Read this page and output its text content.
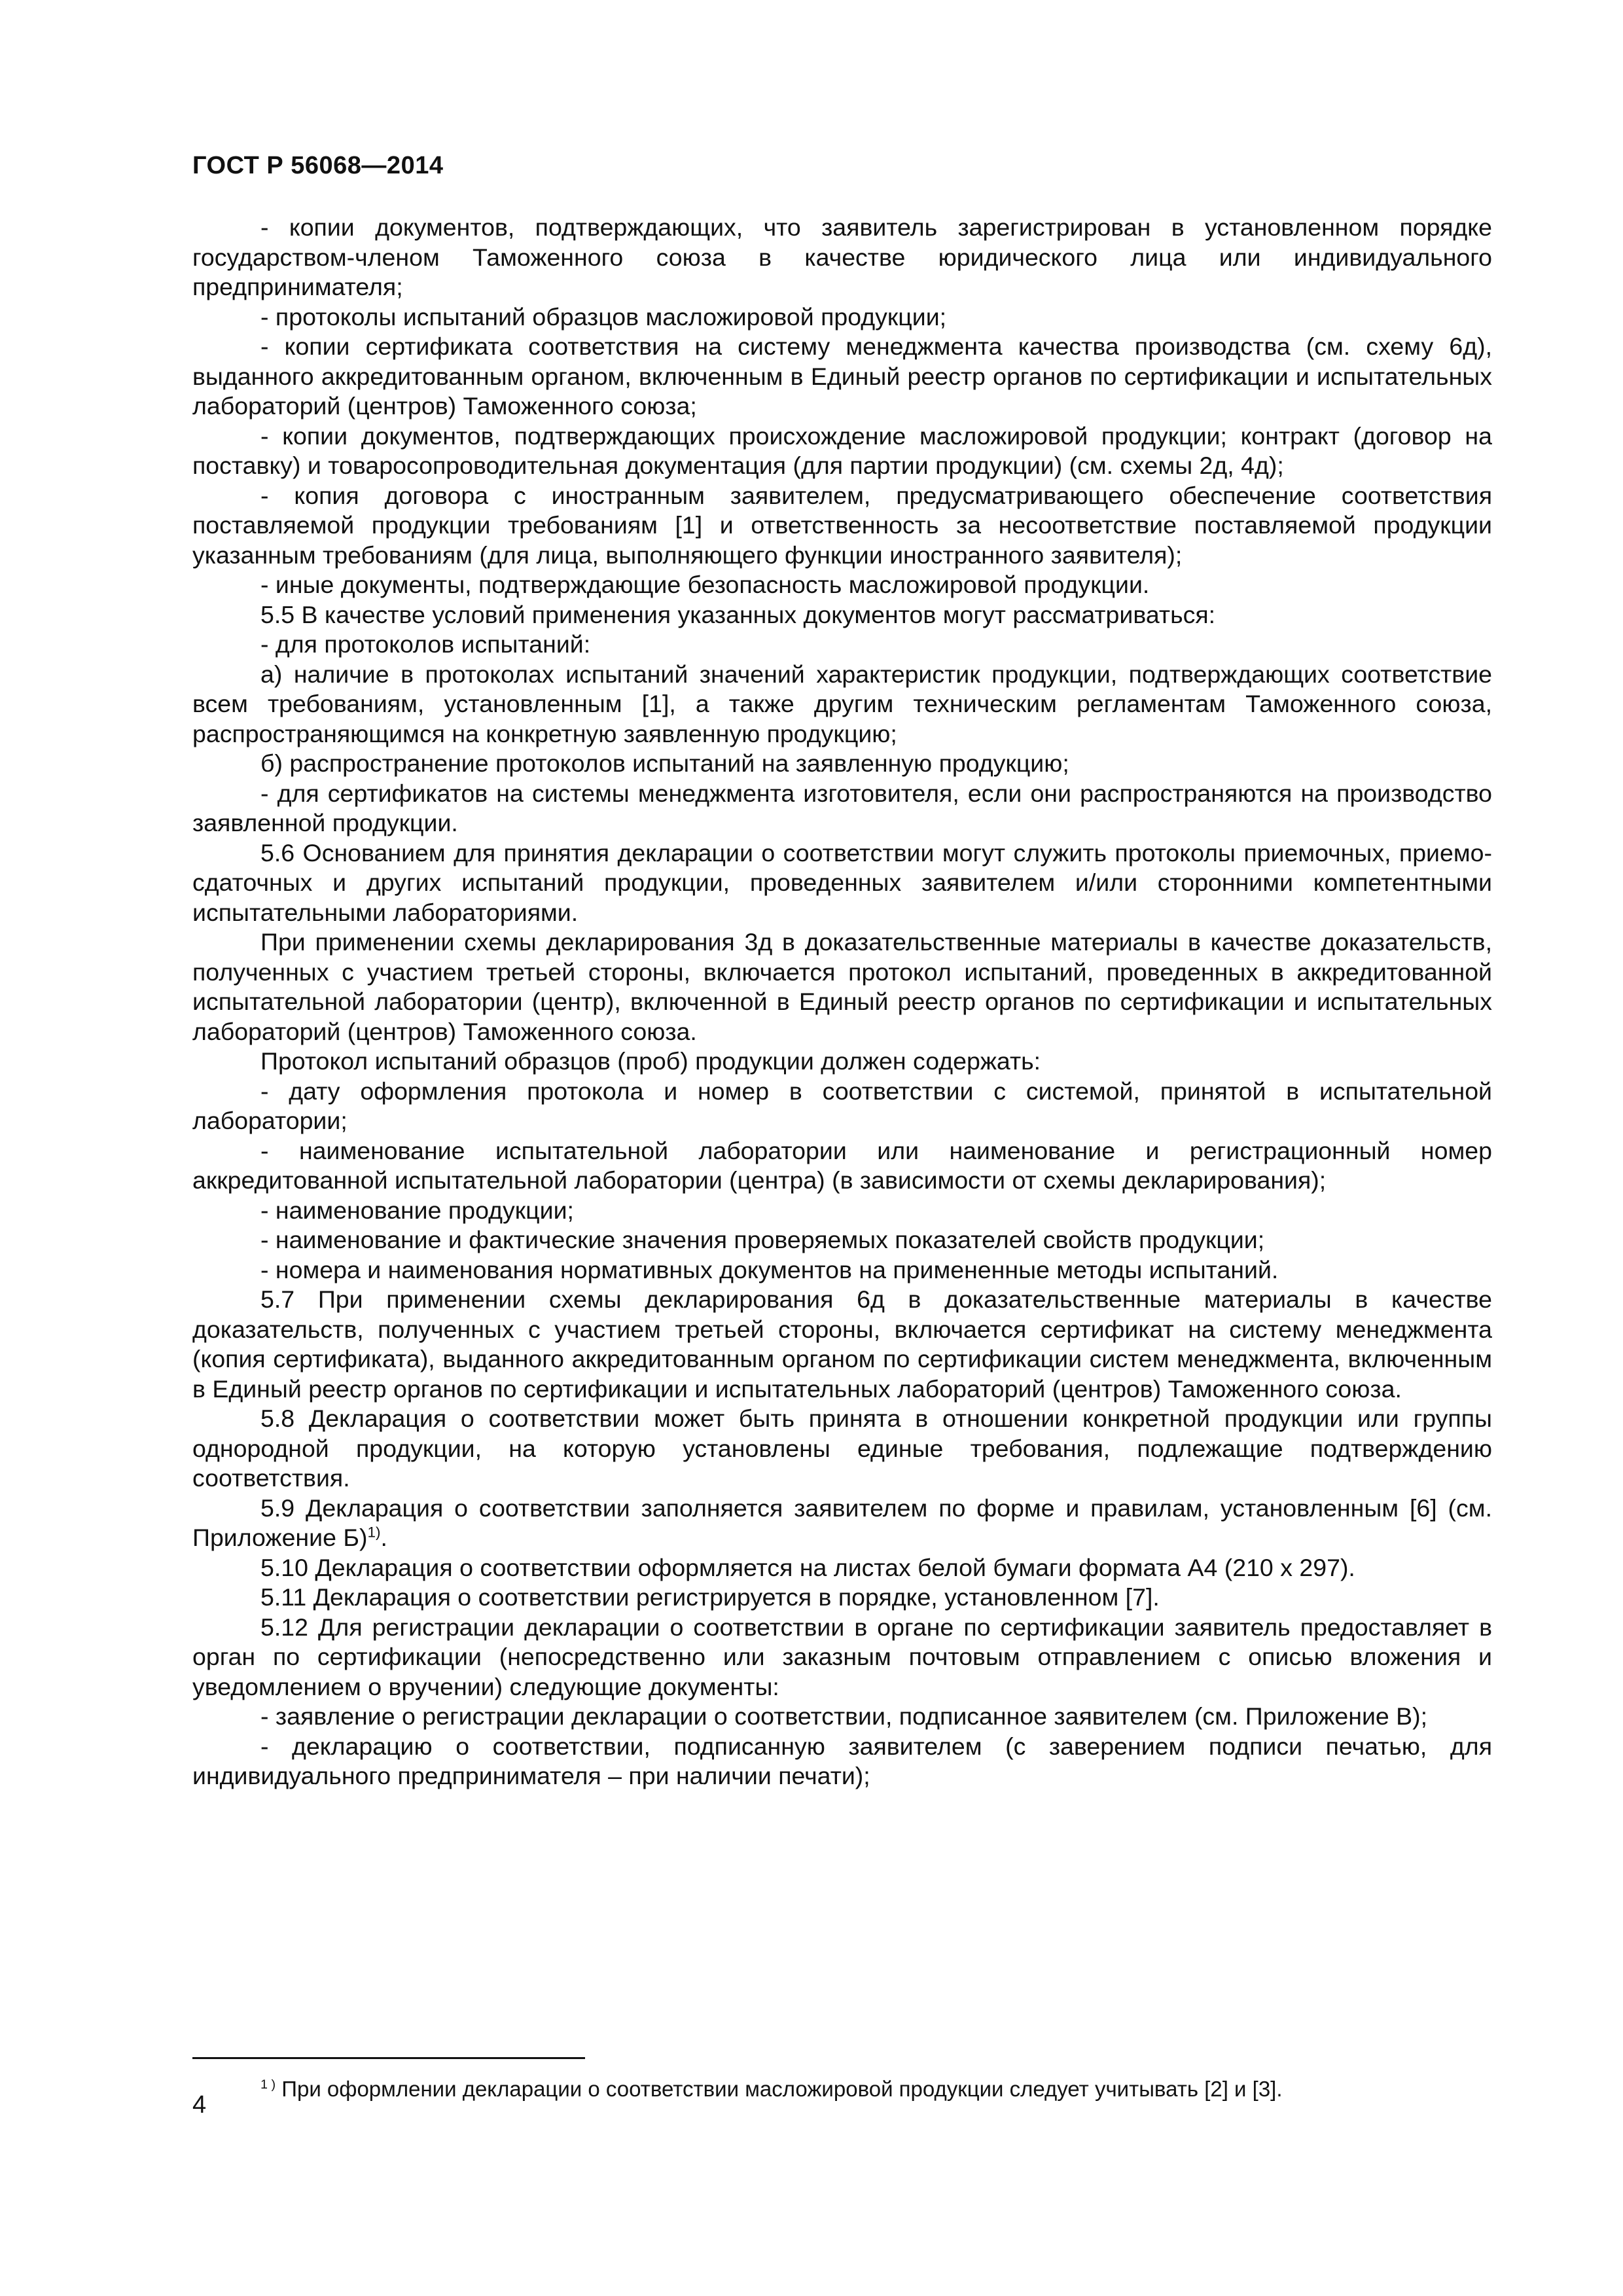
ГОСТ Р 56068—2014

- копии документов, подтверждающих, что заявитель зарегистрирован в установленном порядке государством-членом Таможенного союза в качестве юридического лица или индивидуального предпринимателя;

- протоколы испытаний образцов масложировой продукции;

- копии сертификата соответствия на систему менеджмента качества производства (см. схему 6д), выданного аккредитованным органом, включенным в Единый реестр органов по сертификации и испытательных лабораторий (центров) Таможенного союза;

- копии документов, подтверждающих происхождение масложировой продукции; контракт (договор на поставку) и товаросопроводительная документация (для партии продукции) (см. схемы 2д, 4д);

- копия договора с иностранным заявителем, предусматривающего обеспечение соответствия поставляемой продукции требованиям [1] и ответственность за несоответствие поставляемой продукции указанным требованиям (для лица, выполняющего функции иностранного заявителя);

- иные документы, подтверждающие безопасность масложировой продукции.

5.5 В качестве условий применения указанных документов могут рассматриваться:

- для протоколов испытаний:

а) наличие в протоколах испытаний значений характеристик продукции, подтверждающих соответствие всем требованиям, установленным [1], а также другим техническим регламентам Таможенного союза, распространяющимся на конкретную заявленную продукцию;

б) распространение протоколов испытаний на заявленную продукцию;

- для сертификатов на системы менеджмента изготовителя, если они распространяются на производство заявленной продукции.

5.6 Основанием для принятия декларации о соответствии могут служить протоколы приемочных, приемо-сдаточных и других испытаний продукции, проведенных заявителем и/или сторонними компетентными испытательными лабораториями.

При применении схемы декларирования 3д в доказательственные материалы в качестве доказательств, полученных с участием третьей стороны, включается протокол испытаний, проведенных в аккредитованной испытательной лаборатории (центр), включенной в Единый реестр органов по сертификации и испытательных лабораторий (центров) Таможенного союза.

Протокол испытаний образцов (проб) продукции должен содержать:

- дату оформления протокола и номер в соответствии с системой, принятой в испытательной лаборатории;

- наименование испытательной лаборатории или наименование и регистрационный номер аккредитованной испытательной лаборатории (центра) (в зависимости от схемы декларирования);

- наименование продукции;

- наименование и фактические значения проверяемых показателей свойств продукции;

- номера и наименования нормативных документов на примененные методы испытаний.

5.7 При применении схемы декларирования 6д в доказательственные материалы в качестве доказательств, полученных с участием третьей стороны, включается сертификат на систему менеджмента (копия сертификата), выданного аккредитованным органом по сертификации систем менеджмента, включенным в Единый реестр органов по сертификации и испытательных лабораторий (центров) Таможенного союза.

5.8 Декларация о соответствии может быть принята в отношении конкретной продукции или группы однородной продукции, на которую установлены единые требования, подлежащие подтверждению соответствия.

5.9 Декларация о соответствии заполняется заявителем по форме и правилам, установленным [6] (см. Приложение Б)$^{1)}$.

5.10 Декларация о соответствии оформляется на листах белой бумаги формата А4 (210 х 297).

5.11 Декларация о соответствии регистрируется в порядке, установленном [7].

5.12 Для регистрации декларации о соответствии в органе по сертификации заявитель предоставляет в орган по сертификации (непосредственно или заказным почтовым отправлением с описью вложения и уведомлением о вручении) следующие документы:

- заявление о регистрации декларации о соответствии, подписанное заявителем (см. Приложение В);

- декларацию о соответствии, подписанную заявителем (с заверением подписи печатью, для индивидуального предпринимателя – при наличии печати);

$^{1 )}$ При оформлении декларации о соответствии масложировой продукции следует учитывать [2] и [3].
4
